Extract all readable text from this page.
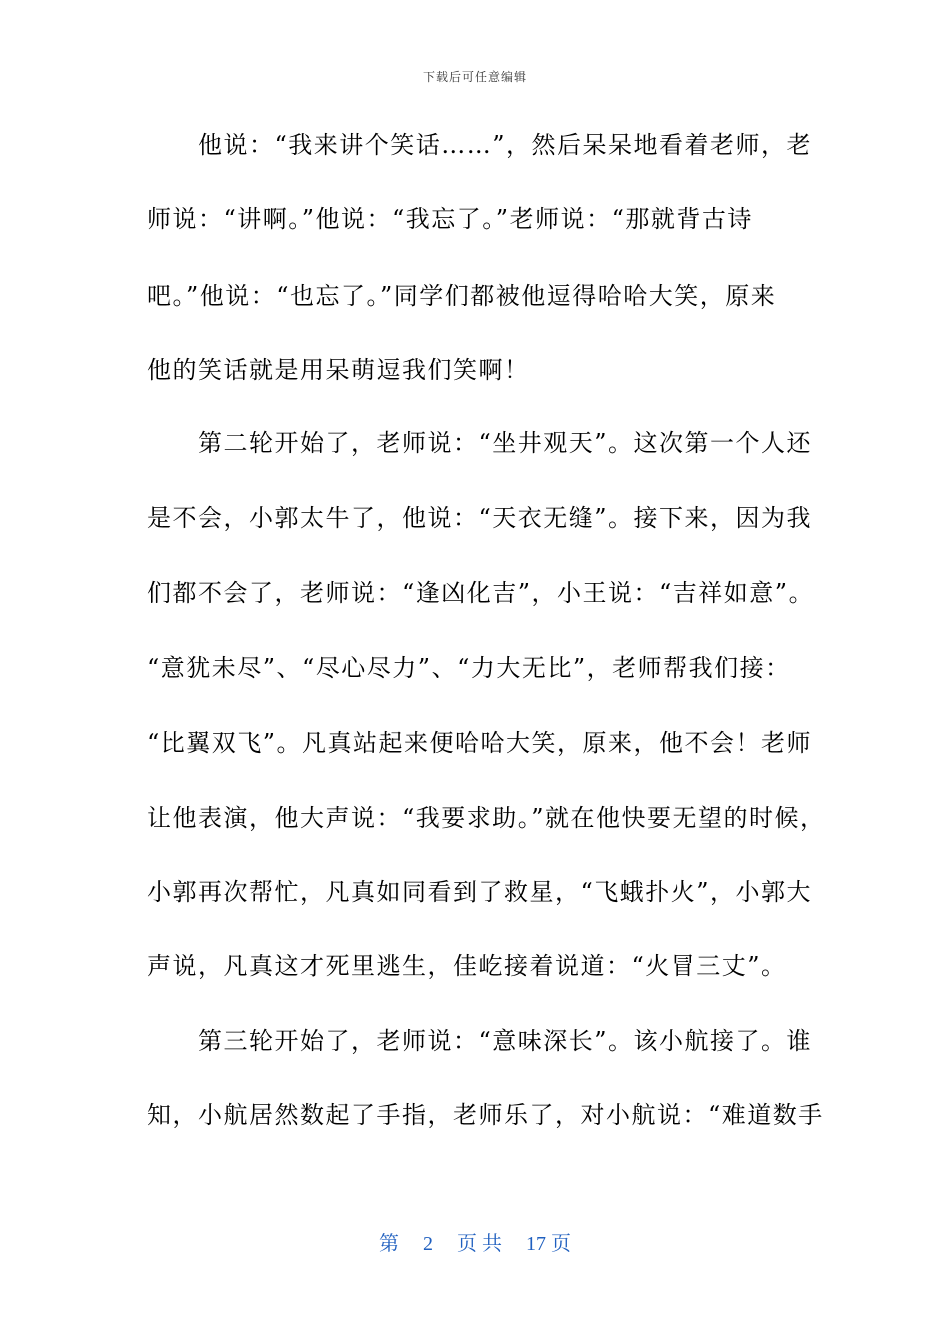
下载后可任意编辑
　　他说：“我来讲个笑话……”，然后呆呆地看着老师，老
师说：“讲啊。”他说：“我忘了。”老师说：“那就背古诗
吧。”他说：“也忘了。”同学们都被他逗得哈哈大笑，原来
他的笑话就是用呆萌逗我们笑啊！
　　第二轮开始了，老师说：“坐井观天”。这次第一个人还
是不会，小郭太牛了，他说：“天衣无缝”。接下来，因为我
们都不会了，老师说：“逢凶化吉”，小王说：“吉祥如意”。
“意犹未尽”、“尽心尽力”、“力大无比”，老师帮我们接：
“比翼双飞”。凡真站起来便哈哈大笑，原来，他不会！老师
让他表演，他大声说：“我要求助。”就在他快要无望的时候，
小郭再次帮忙，凡真如同看到了救星，“飞蛾扑火”，小郭大
声说，凡真这才死里逃生，佳屹接着说道：“火冒三丈”。
　　第三轮开始了，老师说：“意味深长”。该小航接了。谁
知，小航居然数起了手指，老师乐了，对小航说：“难道数手
第 2 页 共 17 页
